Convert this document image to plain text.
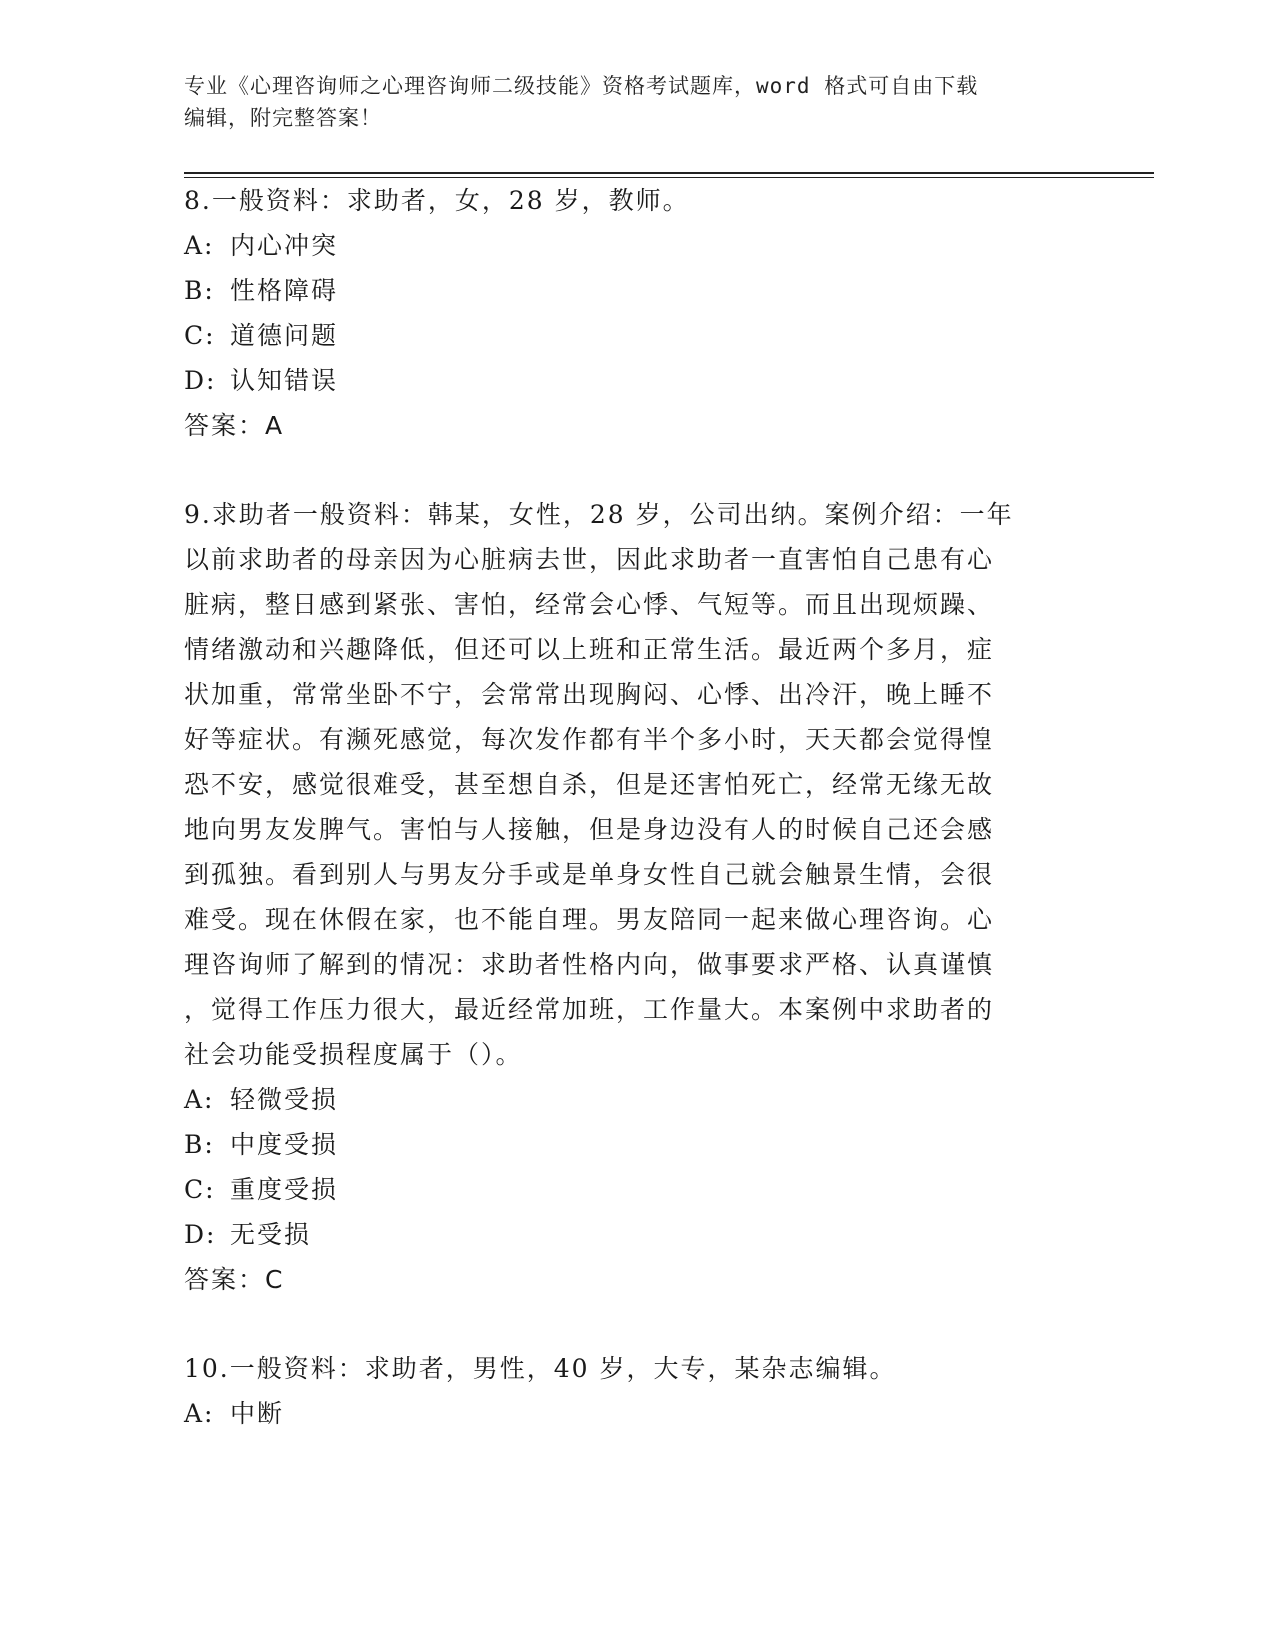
专业《心理咨询师之心理咨询师二级技能》资格考试题库，word 格式可自由下载

编辑，附完整答案！

8.一般资料：求助者，女，28 岁，教师。
A: 内心冲突
B: 性格障碍
C: 道德问题
D: 认知错误
答案：A
9.求助者一般资料：韩某，女性，28 岁，公司出纳。案例介绍：一年
以前求助者的母亲因为心脏病去世，因此求助者一直害怕自己患有心
脏病，整日感到紧张、害怕，经常会心悸、气短等。而且出现烦躁、
情绪激动和兴趣降低，但还可以上班和正常生活。最近两个多月，症
状加重，常常坐卧不宁，会常常出现胸闷、心悸、出冷汗，晚上睡不
好等症状。有濒死感觉，每次发作都有半个多小时，天天都会觉得惶
恐不安，感觉很难受，甚至想自杀，但是还害怕死亡，经常无缘无故
地向男友发脾气。害怕与人接触，但是身边没有人的时候自己还会感
到孤独。看到别人与男友分手或是单身女性自己就会触景生情，会很
难受。现在休假在家，也不能自理。男友陪同一起来做心理咨询。心
理咨询师了解到的情况：求助者性格内向，做事要求严格、认真谨慎
，觉得工作压力很大，最近经常加班，工作量大。本案例中求助者的
社会功能受损程度属于（）。
A: 轻微受损
B: 中度受损
C: 重度受损
D: 无受损
答案：C
10.一般资料：求助者，男性，40 岁，大专，某杂志编辑。
A: 中断
